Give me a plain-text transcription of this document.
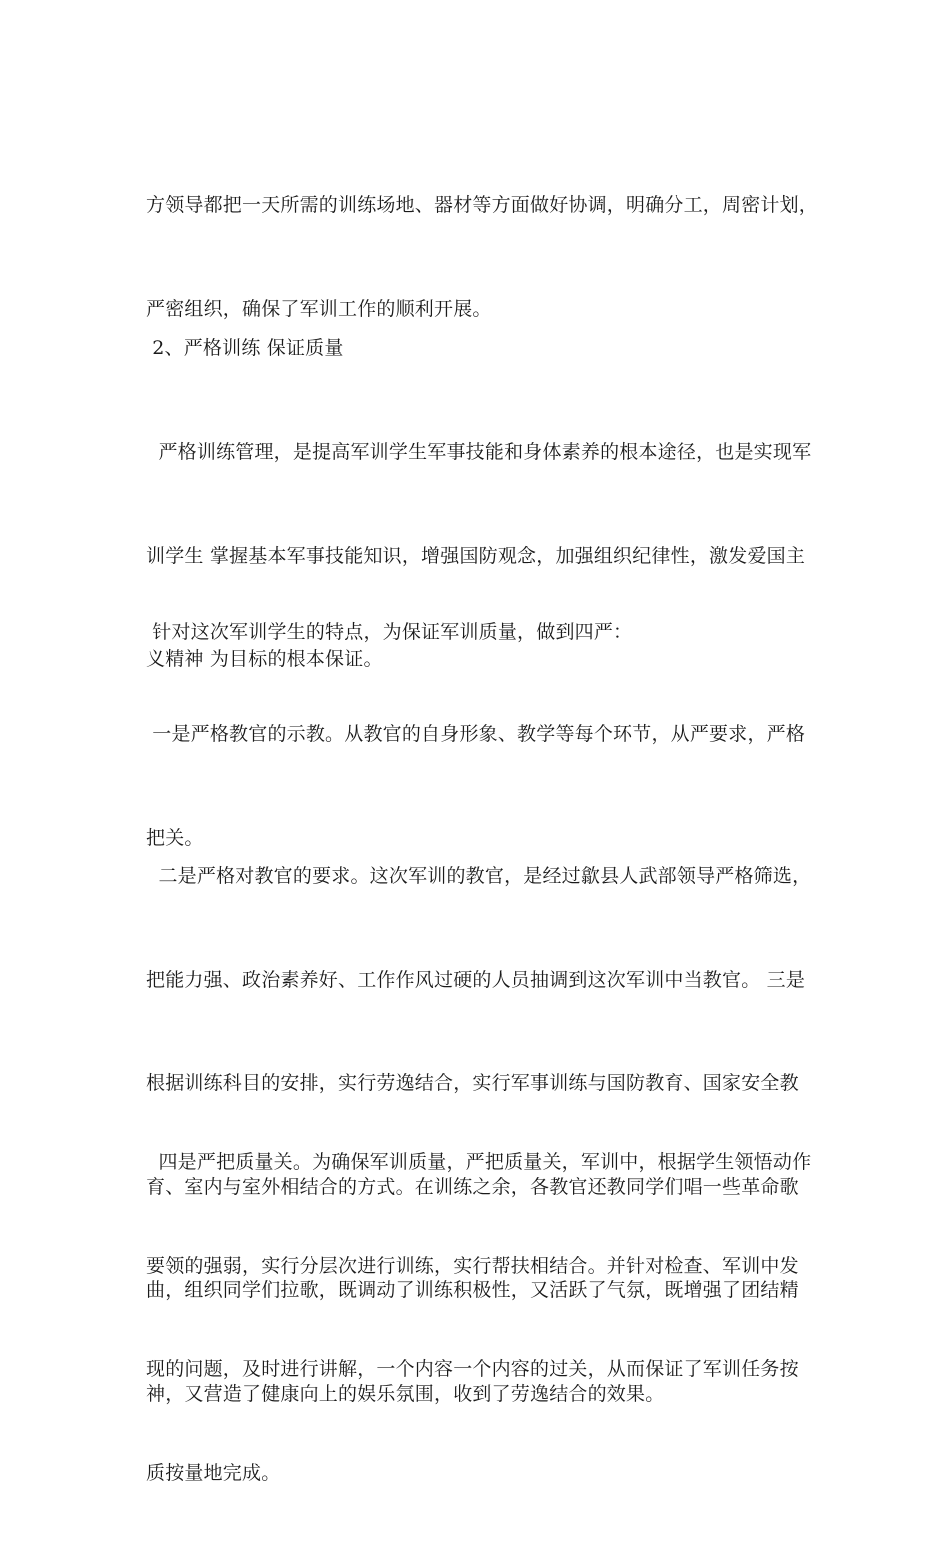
方领导都把一天所需的训练场地、器材等方面做好协调，明确分工，周密计划，

严密组织，确保了军训工作的顺利开展。

2、严格训练 保证质量

严格训练管理，是提高军训学生军事技能和身体素养的根本途径，也是实现军

训学生 掌握基本军事技能知识，增强国防观念，加强组织纪律性，激发爱国主

义精神 为目标的根本保证。

针对这次军训学生的特点，为保证军训质量，做到四严：

一是严格教官的示教。从教官的自身形象、教学等每个环节，从严要求，严格

把关。

二是严格对教官的要求。这次军训的教官，是经过歙县人武部领导严格筛选，

把能力强、政治素养好、工作作风过硬的人员抽调到这次军训中当教官。 三是

根据训练科目的安排，实行劳逸结合，实行军事训练与国防教育、国家安全教

育、室内与室外相结合的方式。在训练之余，各教官还教同学们唱一些革命歌

曲，组织同学们拉歌，既调动了训练积极性，又活跃了气氛，既增强了团结精

神，又营造了健康向上的娱乐氛围，收到了劳逸结合的效果。

四是严把质量关。为确保军训质量，严把质量关，军训中，根据学生领悟动作

要领的强弱，实行分层次进行训练，实行帮扶相结合。并针对检查、军训中发

现的问题，及时进行讲解，一个内容一个内容的过关，从而保证了军训任务按

质按量地完成。
